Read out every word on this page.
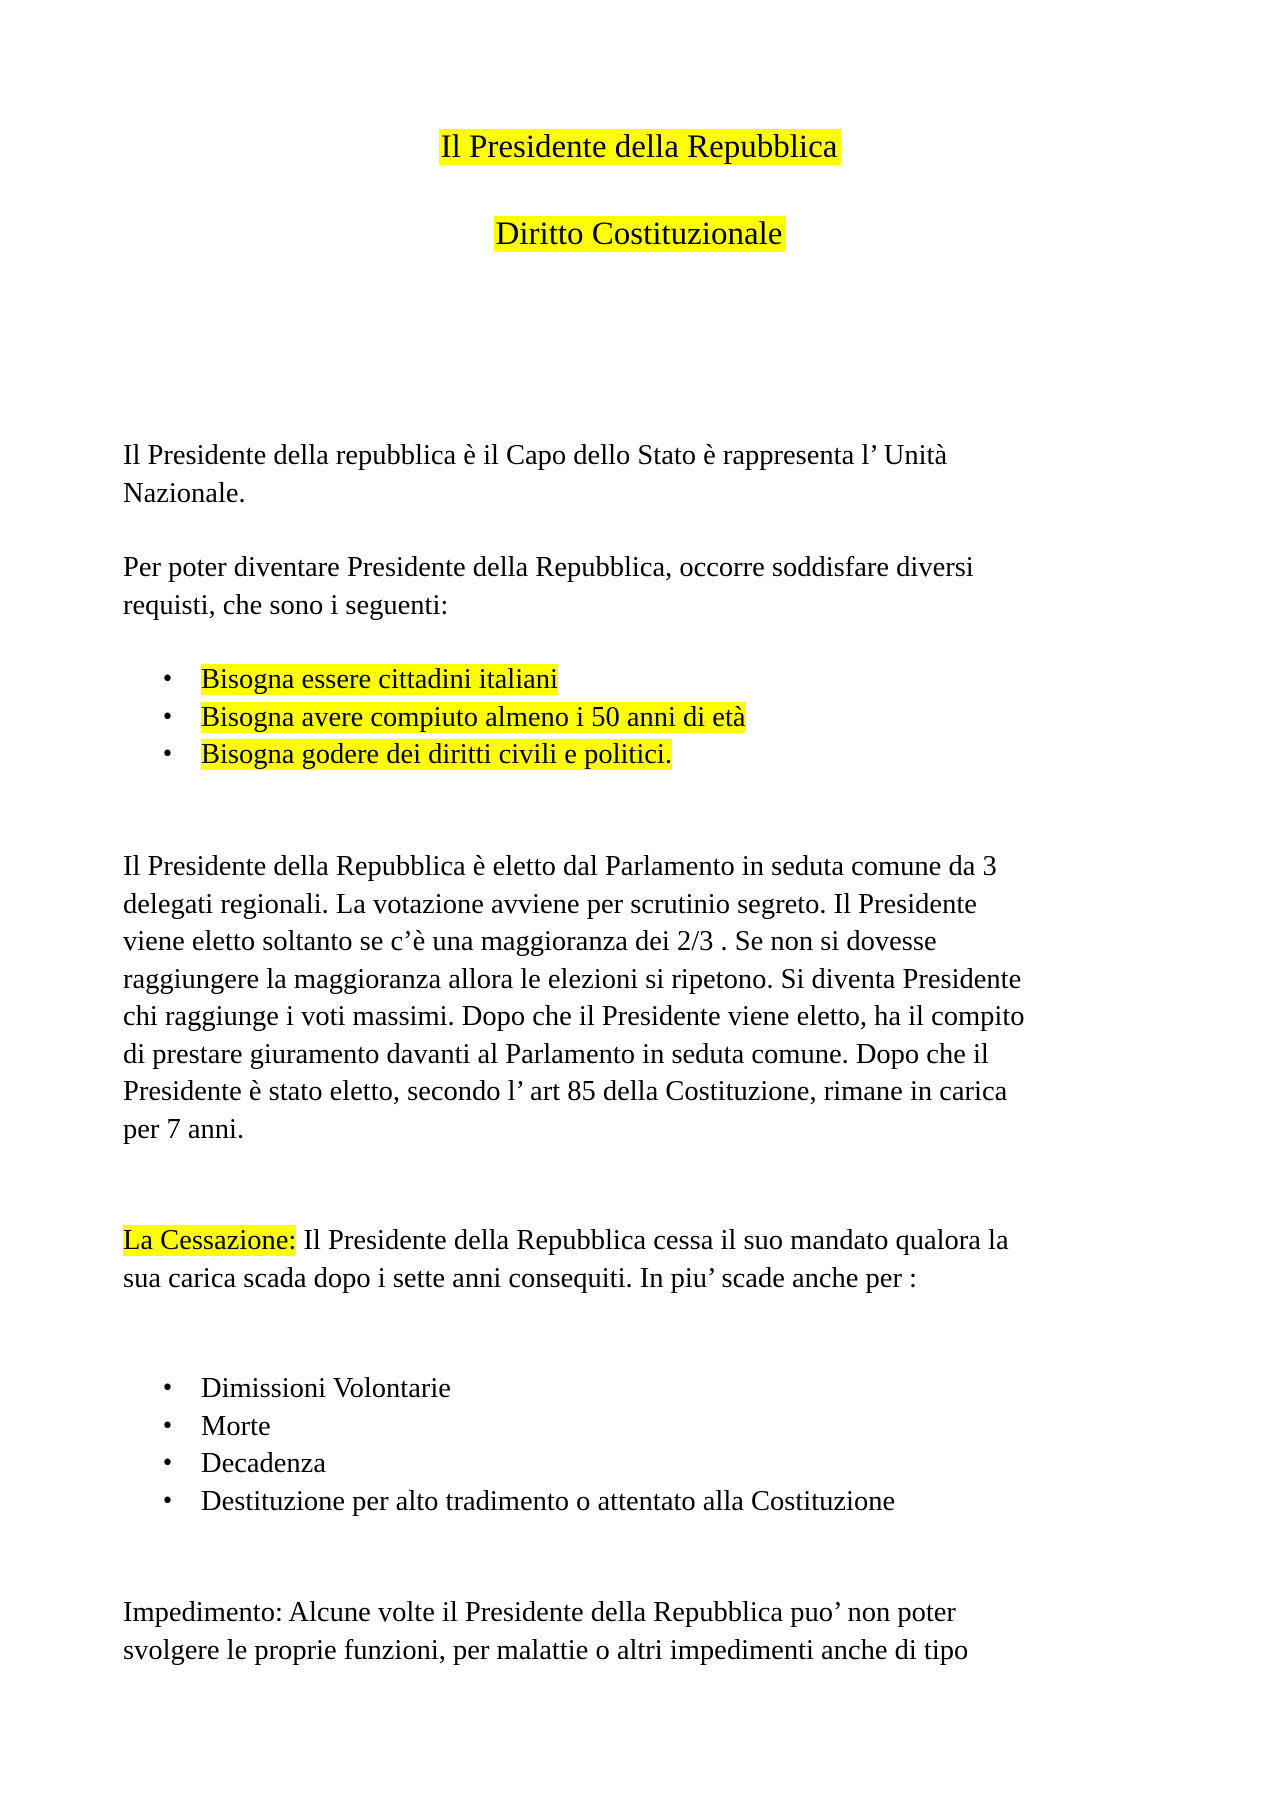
Il Presidente della Repubblica
Diritto Costituzionale

Il Presidente della repubblica è il Capo dello Stato è rappresenta l’ Unità
Nazionale.

Per poter diventare Presidente della Repubblica, occorre soddisfare diversi
requisti, che sono i seguenti:

• Bisogna essere cittadini italiani
• Bisogna avere compiuto almeno i 50 anni di età
• Bisogna godere dei diritti civili e politici.

Il Presidente della Repubblica è eletto dal Parlamento in seduta comune da 3
delegati regionali. La votazione avviene per scrutinio segreto. Il Presidente
viene eletto soltanto se c’è una maggioranza dei 2/3 . Se non si dovesse
raggiungere la maggioranza allora le elezioni si ripetono. Si diventa Presidente
chi raggiunge i voti massimi. Dopo che il Presidente viene eletto, ha il compito
di prestare giuramento davanti al Parlamento in seduta comune. Dopo che il
Presidente è stato eletto, secondo l’ art 85 della Costituzione, rimane in carica
per 7 anni.

La Cessazione: Il Presidente della Repubblica cessa il suo mandato qualora la
sua carica scada dopo i sette anni consequiti. In piu’ scade anche per :

• Dimissioni Volontarie
• Morte
• Decadenza
• Destituzione per alto tradimento o attentato alla Costituzione

Impedimento: Alcune volte il Presidente della Repubblica puo’ non poter
svolgere le proprie funzioni, per malattie o altri impedimenti anche di tipo
